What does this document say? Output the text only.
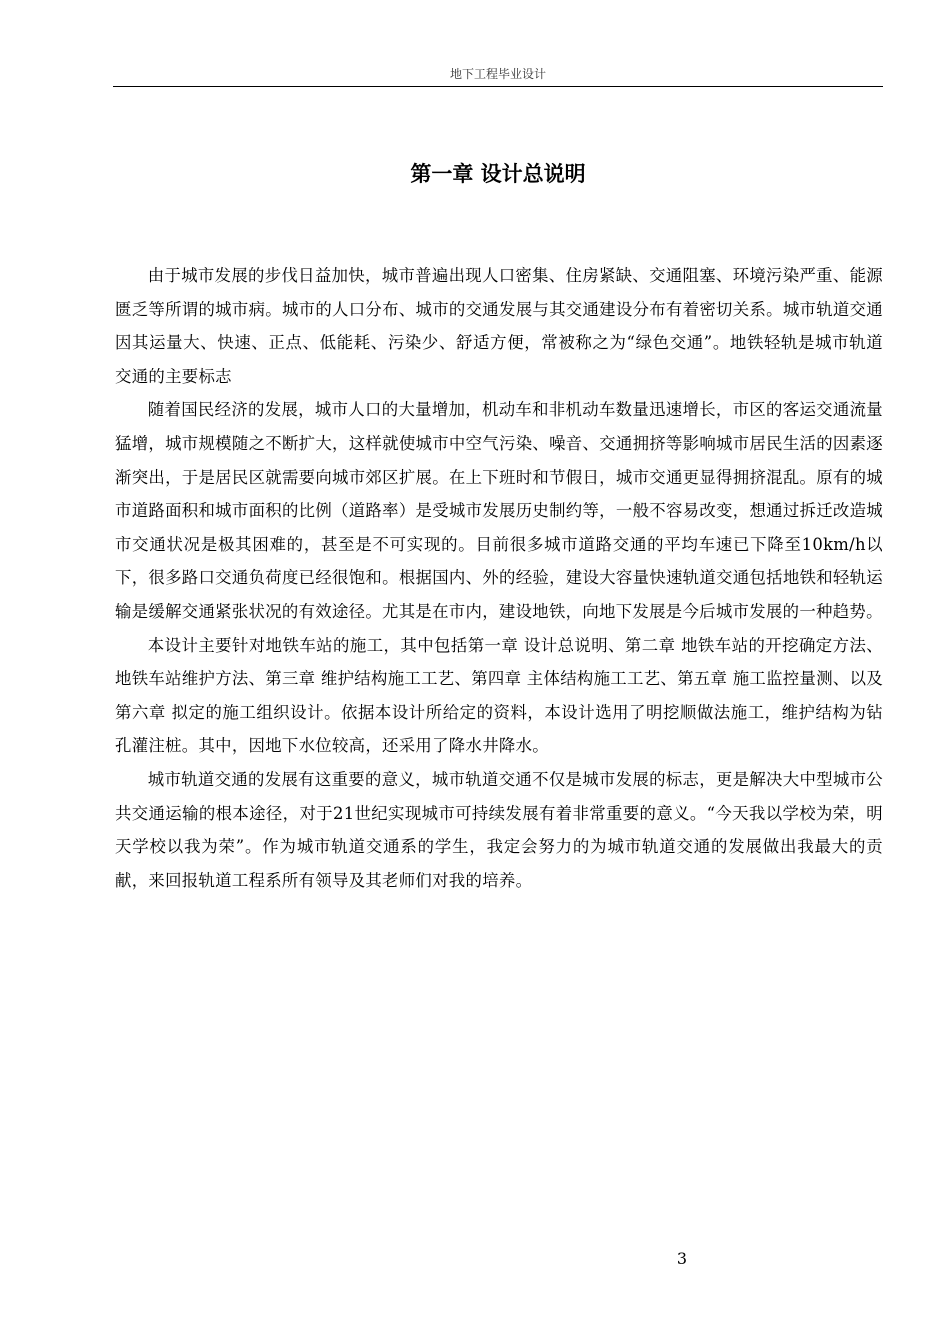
地下工程毕业设计
第一章 设计总说明

由于城市发展的步伐日益加快，城市普遍出现人口密集、住房紧缺、交通阻塞、环境污染严重、能源匮乏等所谓的城市病。城市的人口分布、城市的交通发展与其交通建设分布有着密切关系。城市轨道交通因其运量大、快速、正点、低能耗、污染少、舒适方便，常被称之为“绿色交通”。地铁轻轨是城市轨道交通的主要标志

随着国民经济的发展，城市人口的大量增加，机动车和非机动车数量迅速增长，市区的客运交通流量猛增，城市规模随之不断扩大，这样就使城市中空气污染、噪音、交通拥挤等影响城市居民生活的因素逐渐突出，于是居民区就需要向城市郊区扩展。在上下班时和节假日，城市交通更显得拥挤混乱。原有的城市道路面积和城市面积的比例（道路率）是受城市发展历史制约等，一般不容易改变，想通过拆迁改造城市交通状况是极其困难的，甚至是不可实现的。目前很多城市道路交通的平均车速已下降至10km/h以下，很多路口交通负荷度已经很饱和。根据国内、外的经验，建设大容量快速轨道交通包括地铁和轻轨运输是缓解交通紧张状况的有效途径。尤其是在市内，建设地铁，向地下发展是今后城市发展的一种趋势。

本设计主要针对地铁车站的施工，其中包括第一章 设计总说明、第二章 地铁车站的开挖确定方法、地铁车站维护方法、第三章 维护结构施工工艺、第四章 主体结构施工工艺、第五章 施工监控量测、以及第六章 拟定的施工组织设计。依据本设计所给定的资料，本设计选用了明挖顺做法施工，维护结构为钻孔灌注桩。其中，因地下水位较高，还采用了降水井降水。

城市轨道交通的发展有这重要的意义，城市轨道交通不仅是城市发展的标志，更是解决大中型城市公共交通运输的根本途径，对于21世纪实现城市可持续发展有着非常重要的意义。“今天我以学校为荣，明天学校以我为荣”。作为城市轨道交通系的学生，我定会努力的为城市轨道交通的发展做出我最大的贡献，来回报轨道工程系所有领导及其老师们对我的培养。

3
